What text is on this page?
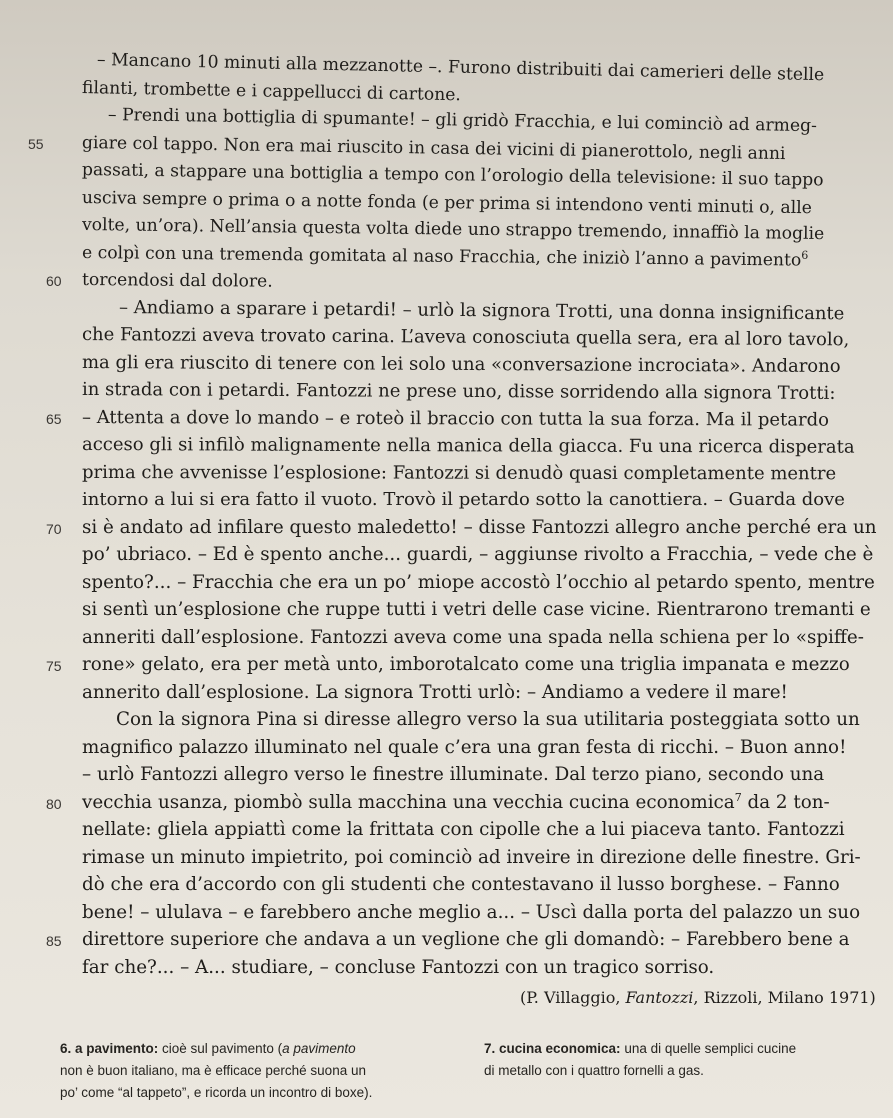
55
60
65
70
75
80
85
– Mancano 10 minuti alla mezzanotte –. Furono distribuiti dai camerieri delle stelle
filanti, trombette e i cappellucci di cartone.
– Prendi una bottiglia di spumante! – gli gridò Fracchia, e lui cominciò ad armeg-
giare col tappo. Non era mai riuscito in casa dei vicini di pianerottolo, negli anni
passati, a stappare una bottiglia a tempo con l’orologio della televisione: il suo tappo
usciva sempre o prima o a notte fonda (e per prima si intendono venti minuti o, alle
volte, un’ora). Nell’ansia questa volta diede uno strappo tremendo, innaffiò la moglie
e colpì con una tremenda gomitata al naso Fracchia, che iniziò l’anno a pavimento$^6$
torcendosi dal dolore.
– Andiamo a sparare i petardi! – urlò la signora Trotti, una donna insignificante
che Fantozzi aveva trovato carina. L’aveva conosciuta quella sera, era al loro tavolo,
ma gli era riuscito di tenere con lei solo una «conversazione incrociata». Andarono
in strada con i petardi. Fantozzi ne prese uno, disse sorridendo alla signora Trotti:
– Attenta a dove lo mando – e roteò il braccio con tutta la sua forza. Ma il petardo
acceso gli si infilò malignamente nella manica della giacca. Fu una ricerca disperata
prima che avvenisse l’esplosione: Fantozzi si denudò quasi completamente mentre
intorno a lui si era fatto il vuoto. Trovò il petardo sotto la canottiera. – Guarda dove
si è andato ad infilare questo maledetto! – disse Fantozzi allegro anche perché era un
po’ ubriaco. – Ed è spento anche... guardi, – aggiunse rivolto a Fracchia, – vede che è
spento?... – Fracchia che era un po’ miope accostò l’occhio al petardo spento, mentre
si sentì un’esplosione che ruppe tutti i vetri delle case vicine. Rientrarono tremanti e
anneriti dall’esplosione. Fantozzi aveva come una spada nella schiena per lo «spiffe-
rone» gelato, era per metà unto, imborotalcato come una triglia impanata e mezzo
annerito dall’esplosione. La signora Trotti urlò: – Andiamo a vedere il mare!
Con la signora Pina si diresse allegro verso la sua utilitaria posteggiata sotto un
magnifico palazzo illuminato nel quale c’era una gran festa di ricchi. – Buon anno!
– urlò Fantozzi allegro verso le finestre illuminate. Dal terzo piano, secondo una
vecchia usanza, piombò sulla macchina una vecchia cucina economica$^7$ da 2 ton-
nellate: gliela appiattì come la frittata con cipolle che a lui piaceva tanto. Fantozzi
rimase un minuto impietrito, poi cominciò ad inveire in direzione delle finestre. Gri-
dò che era d’accordo con gli studenti che contestavano il lusso borghese. – Fanno
bene! – ululava – e farebbero anche meglio a... – Uscì dalla porta del palazzo un suo
direttore superiore che andava a un veglione che gli domandò: – Farebbero bene a
far che?... – A... studiare, – concluse Fantozzi con un tragico sorriso.
(P. Villaggio, Fantozzi, Rizzoli, Milano 1971)
6. a pavimento: cioè sul pavimento (a pavimento
non è buon italiano, ma è efficace perché suona un
po’ come “al tappeto”, e ricorda un incontro di boxe).
7. cucina economica: una di quelle semplici cucine
di metallo con i quattro fornelli a gas.
